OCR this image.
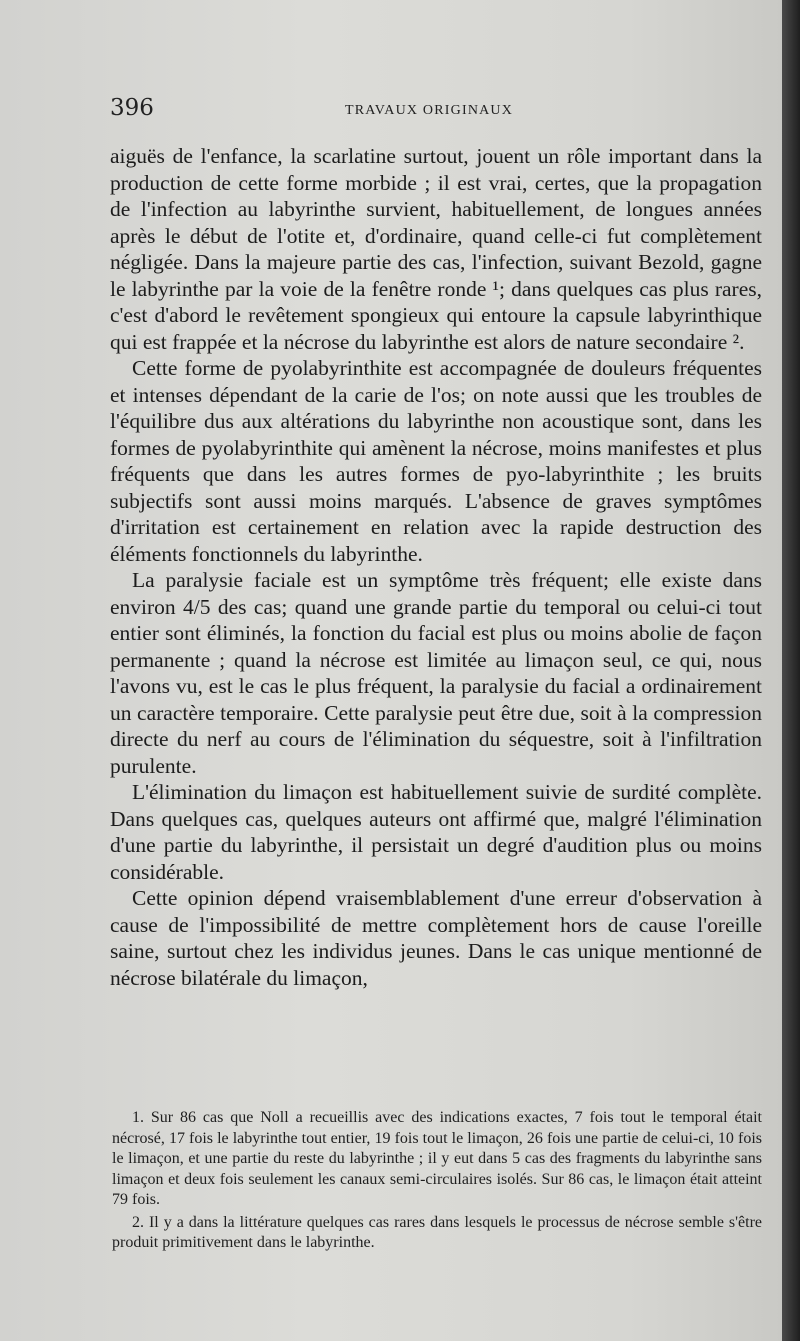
396	TRAVAUX ORIGINAUX

aiguës de l'enfance, la scarlatine surtout, jouent un rôle important dans la production de cette forme morbide ; il est vrai, certes, que la propagation de l'infection au labyrinthe survient, habituellement, de longues années après le début de l'otite et, d'ordinaire, quand celle-ci fut complètement négligée. Dans la majeure partie des cas, l'infection, suivant Bezold, gagne le labyrinthe par la voie de la fenêtre ronde ¹; dans quelques cas plus rares, c'est d'abord le revêtement spongieux qui entoure la capsule labyrinthique qui est frappée et la nécrose du labyrinthe est alors de nature secondaire ².

Cette forme de pyolabyrinthite est accompagnée de douleurs fréquentes et intenses dépendant de la carie de l'os; on note aussi que les troubles de l'équilibre dus aux altérations du labyrinthe non acoustique sont, dans les formes de pyolabyrinthite qui amènent la nécrose, moins manifestes et plus fréquents que dans les autres formes de pyo-labyrinthite ; les bruits subjectifs sont aussi moins marqués. L'absence de graves symptômes d'irritation est certainement en relation avec la rapide destruction des éléments fonctionnels du labyrinthe.

La paralysie faciale est un symptôme très fréquent; elle existe dans environ 4/5 des cas; quand une grande partie du temporal ou celui-ci tout entier sont éliminés, la fonction du facial est plus ou moins abolie de façon permanente ; quand la nécrose est limitée au limaçon seul, ce qui, nous l'avons vu, est le cas le plus fréquent, la paralysie du facial a ordinairement un caractère temporaire. Cette paralysie peut être due, soit à la compression directe du nerf au cours de l'élimination du séquestre, soit à l'infiltration purulente.

L'élimination du limaçon est habituellement suivie de surdité complète. Dans quelques cas, quelques auteurs ont affirmé que, malgré l'élimination d'une partie du labyrinthe, il persistait un degré d'audition plus ou moins considérable.

Cette opinion dépend vraisemblablement d'une erreur d'observation à cause de l'impossibilité de mettre complètement hors de cause l'oreille saine, surtout chez les individus jeunes. Dans le cas unique mentionné de nécrose bilatérale du limaçon,

1. Sur 86 cas que Noll a recueillis avec des indications exactes, 7 fois tout le temporal était nécrosé, 17 fois le labyrinthe tout entier, 19 fois tout le limaçon, 26 fois une partie de celui-ci, 10 fois le limaçon, et une partie du reste du labyrinthe ; il y eut dans 5 cas des fragments du labyrinthe sans limaçon et deux fois seulement les canaux semi-circulaires isolés. Sur 86 cas, le limaçon était atteint 79 fois.

2. Il y a dans la littérature quelques cas rares dans lesquels le processus de nécrose semble s'être produit primitivement dans le labyrinthe.
